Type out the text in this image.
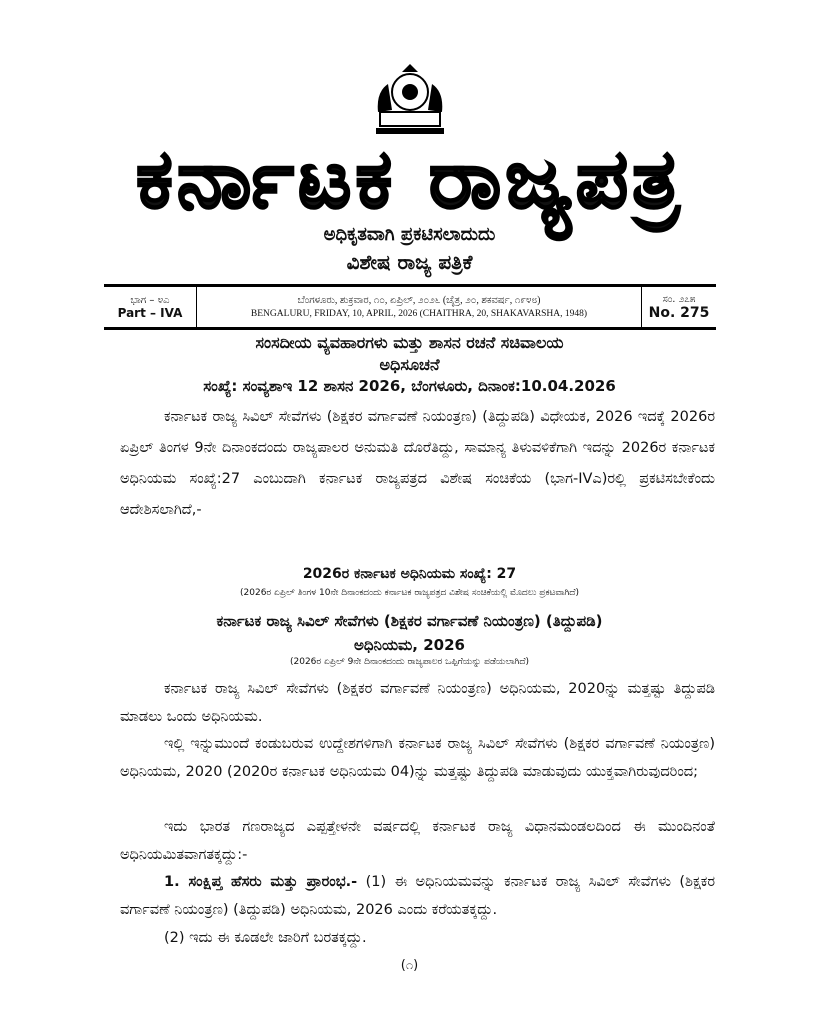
ಕರ್ನಾಟಕ ರಾಜ್ಯಪತ್ರ
ಅಧಿಕೃತವಾಗಿ ಪ್ರಕಟಿಸಲಾದುದು
ವಿಶೇಷ ರಾಜ್ಯ ಪತ್ರಿಕೆ
ಭಾಗ – ೪ಎ
Part – IVA
ಬೆಂಗಳೂರು, ಶುಕ್ರವಾರ, ೧೦, ಏಪ್ರಿಲ್, ೨೦೨೬ (ಚೈತ್ರ, ೨೦, ಶಕವರ್ಷ, ೧೯೪೮)
BENGALURU, FRIDAY, 10, APRIL, 2026 (CHAITHRA, 20, SHAKAVARSHA, 1948)
ಸಂ. ೨೭೫
No. 275
ಸಂಸದೀಯ ವ್ಯವಹಾರಗಳು ಮತ್ತು ಶಾಸನ ರಚನೆ ಸಚಿವಾಲಯ
ಅಧಿಸೂಚನೆ
ಸಂಖ್ಯೆ: ಸಂವ್ಯಶಾಇ 12 ಶಾಸನ 2026, ಬೆಂಗಳೂರು, ದಿನಾಂಕ:10.04.2026
ಕರ್ನಾಟಕ ರಾಜ್ಯ ಸಿವಿಲ್ ಸೇವೆಗಳು (ಶಿಕ್ಷಕರ ವರ್ಗಾವಣೆ ನಿಯಂತ್ರಣ) (ತಿದ್ದುಪಡಿ) ವಿಧೇಯಕ, 2026 ಇದಕ್ಕೆ 2026ರ ಏಪ್ರಿಲ್ ತಿಂಗಳ 9ನೇ ದಿನಾಂಕದಂದು ರಾಜ್ಯಪಾಲರ ಅನುಮತಿ ದೊರೆತಿದ್ದು, ಸಾಮಾನ್ಯ ತಿಳುವಳಿಕೆಗಾಗಿ ಇದನ್ನು 2026ರ ಕರ್ನಾಟಕ ಅಧಿನಿಯಮ ಸಂಖ್ಯೆ:27 ಎಂಬುದಾಗಿ ಕರ್ನಾಟಕ ರಾಜ್ಯಪತ್ರದ ವಿಶೇಷ ಸಂಚಿಕೆಯ (ಭಾಗ-IVಎ)ರಲ್ಲಿ ಪ್ರಕಟಿಸಬೇಕೆಂದು ಆದೇಶಿಸಲಾಗಿದೆ,-
2026ರ ಕರ್ನಾಟಕ ಅಧಿನಿಯಮ ಸಂಖ್ಯೆ: 27
(2026ರ ಏಪ್ರಿಲ್ ತಿಂಗಳ 10ನೇ ದಿನಾಂಕದಂದು ಕರ್ನಾಟಕ ರಾಜ್ಯಪತ್ರದ ವಿಶೇಷ ಸಂಚಿಕೆಯಲ್ಲಿ ಮೊದಲು ಪ್ರಕಟವಾಗಿದೆ)
ಕರ್ನಾಟಕ ರಾಜ್ಯ ಸಿವಿಲ್ ಸೇವೆಗಳು (ಶಿಕ್ಷಕರ ವರ್ಗಾವಣೆ ನಿಯಂತ್ರಣ) (ತಿದ್ದುಪಡಿ)
ಅಧಿನಿಯಮ, 2026
(2026ರ ಏಪ್ರಿಲ್ 9ನೇ ದಿನಾಂಕದಂದು ರಾಜ್ಯಪಾಲರ ಒಪ್ಪಿಗೆಯನ್ನು ಪಡೆಯಲಾಗಿದೆ)
ಕರ್ನಾಟಕ ರಾಜ್ಯ ಸಿವಿಲ್ ಸೇವೆಗಳು (ಶಿಕ್ಷಕರ ವರ್ಗಾವಣೆ ನಿಯಂತ್ರಣ) ಅಧಿನಿಯಮ, 2020ನ್ನು ಮತ್ತಷ್ಟು ತಿದ್ದುಪಡಿ ಮಾಡಲು ಒಂದು ಅಧಿನಿಯಮ.
ಇಲ್ಲಿ ಇನ್ನುಮುಂದೆ ಕಂಡುಬರುವ ಉದ್ದೇಶಗಳಿಗಾಗಿ ಕರ್ನಾಟಕ ರಾಜ್ಯ ಸಿವಿಲ್ ಸೇವೆಗಳು (ಶಿಕ್ಷಕರ ವರ್ಗಾವಣೆ ನಿಯಂತ್ರಣ) ಅಧಿನಿಯಮ, 2020 (2020ರ ಕರ್ನಾಟಕ ಅಧಿನಿಯಮ 04)ನ್ನು ಮತ್ತಷ್ಟು ತಿದ್ದುಪಡಿ ಮಾಡುವುದು ಯುಕ್ತವಾಗಿರುವುದರಿಂದ;
ಇದು ಭಾರತ ಗಣರಾಜ್ಯದ ಎಪ್ಪತ್ತೇಳನೇ ವರ್ಷದಲ್ಲಿ ಕರ್ನಾಟಕ ರಾಜ್ಯ ವಿಧಾನಮಂಡಲದಿಂದ ಈ ಮುಂದಿನಂತೆ ಅಧಿನಿಯಮಿತವಾಗತಕ್ಕದ್ದು:-
1. ಸಂಕ್ಷಿಪ್ತ ಹೆಸರು ಮತ್ತು ಪ್ರಾರಂಭ.- (1) ಈ ಅಧಿನಿಯಮವನ್ನು ಕರ್ನಾಟಕ ರಾಜ್ಯ ಸಿವಿಲ್ ಸೇವೆಗಳು (ಶಿಕ್ಷಕರ ವರ್ಗಾವಣೆ ನಿಯಂತ್ರಣ) (ತಿದ್ದುಪಡಿ) ಅಧಿನಿಯಮ, 2026 ಎಂದು ಕರೆಯತಕ್ಕದ್ದು.
(2) ಇದು ಈ ಕೂಡಲೇ ಜಾರಿಗೆ ಬರತಕ್ಕದ್ದು.
(೧)
